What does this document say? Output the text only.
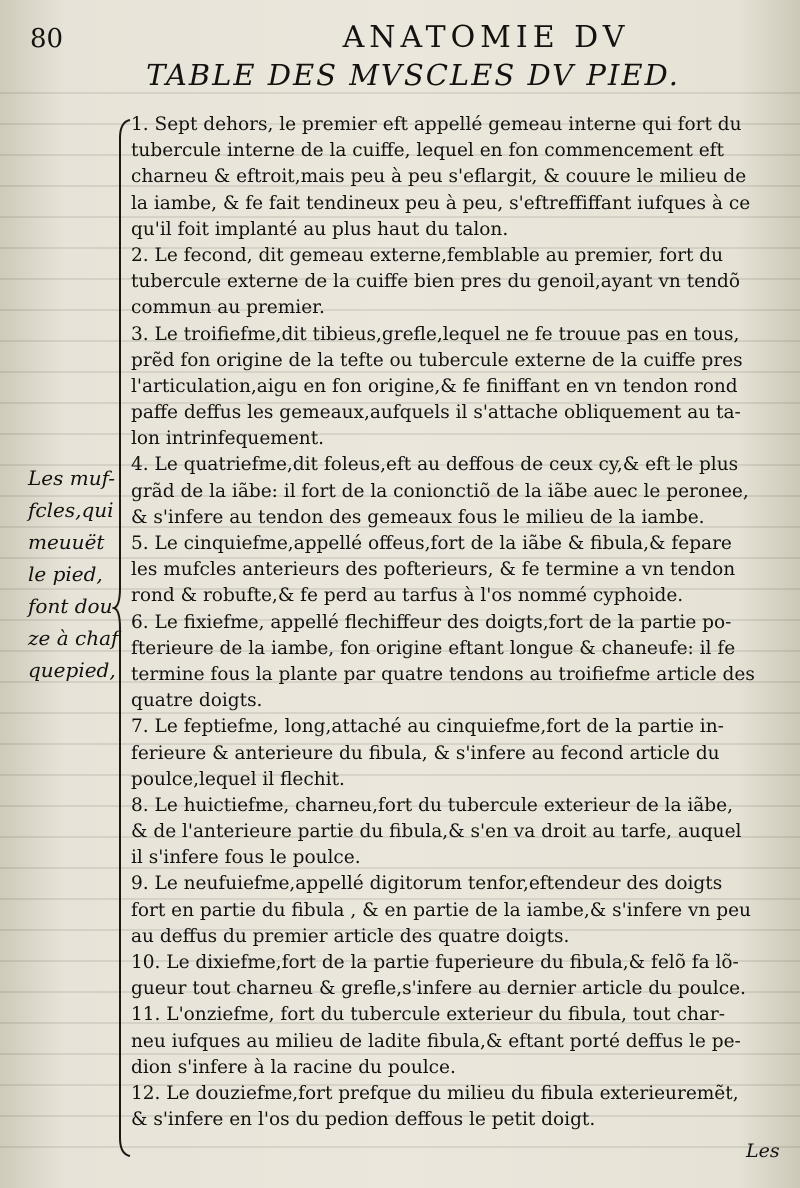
80	ANATOMIE DV
TABLE DES MVSCLES DV PIED.
Les muf-
fcles,qui
meuuët
le pied,
font dou
ze à chaf
quepied,
1. Sept dehors, le premier eft appellé gemeau interne qui fort du
tubercule interne de la cuiffe, lequel en fon commencement eft
charneu & eftroit,mais peu à peu s'eflargit, & couure le milieu de
la iambe, & fe fait tendineux peu à peu, s'eftreffiffant iufques à ce
qu'il foit implanté au plus haut du talon.
2. Le fecond, dit gemeau externe,femblable au premier, fort du
tubercule externe de la cuiffe bien pres du genoil,ayant vn tendõ
commun au premier.
3. Le troifiefme,dit tibieus,grefle,lequel ne fe trouue pas en tous,
prẽd fon origine de la tefte ou tubercule externe de la cuiffe pres
l'articulation,aigu en fon origine,& fe finiffant en vn tendon rond
paffe deffus les gemeaux,aufquels il s'attache obliquement au ta-
lon intrinfequement.
4. Le quatriefme,dit foleus,eft au deffous de ceux cy,& eft le plus
grãd de la iãbe: il fort de la conionctiõ de la iãbe auec le peronee,
& s'infere au tendon des gemeaux fous le milieu de la iambe.
5. Le cinquiefme,appellé offeus,fort de la iãbe & fibula,& fepare
les mufcles anterieurs des pofterieurs, & fe termine a vn tendon
rond & robufte,& fe perd au tarfus à l'os nommé cyphoide.
6. Le fixiefme, appellé flechiffeur des doigts,fort de la partie po-
fterieure de la iambe, fon origine eftant longue & chaneufe: il fe
termine fous la plante par quatre tendons au troifiefme article des
quatre doigts.
7. Le feptiefme, long,attaché au cinquiefme,fort de la partie in-
ferieure & anterieure du fibula, & s'infere au fecond article du
poulce,lequel il flechit.
8. Le huictiefme, charneu,fort du tubercule exterieur de la iãbe,
& de l'anterieure partie du fibula,& s'en va droit au tarfe, auquel
il s'infere fous le poulce.
9. Le neufuiefme,appellé digitorum tenfor,eftendeur des doigts
fort en partie du fibula , & en partie de la iambe,& s'infere vn peu
au deffus du premier article des quatre doigts.
10. Le dixiefme,fort de la partie fuperieure du fibula,& felõ fa lõ-
gueur tout charneu & grefle,s'infere au dernier article du poulce.
11. L'onziefme, fort du tubercule exterieur du fibula, tout char-
neu iufques au milieu de ladite fibula,& eftant porté deffus le pe-
dion s'infere à la racine du poulce.
12. Le douziefme,fort prefque du milieu du fibula exterieuremẽt,
& s'infere en l'os du pedion deffous le petit doigt.
Les
